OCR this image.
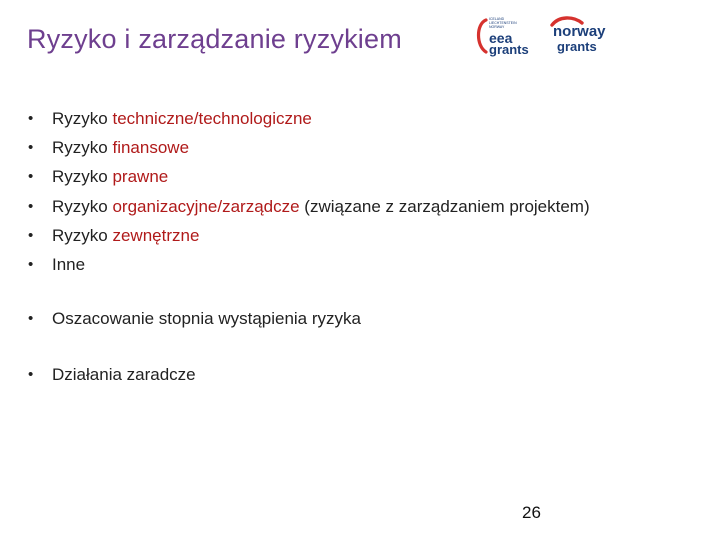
Ryzyko i zarządzanie ryzykiem
ICELAND
LIECHTENSTEIN
NORWAY
eea
grants
norway
grants
• Ryzyko techniczne/technologiczne
• Ryzyko finansowe
• Ryzyko prawne
• Ryzyko organizacyjne/zarządcze (związane z zarządzaniem projektem)
• Ryzyko zewnętrzne
• Inne
• Oszacowanie stopnia wystąpienia ryzyka
• Działania zaradcze
26
